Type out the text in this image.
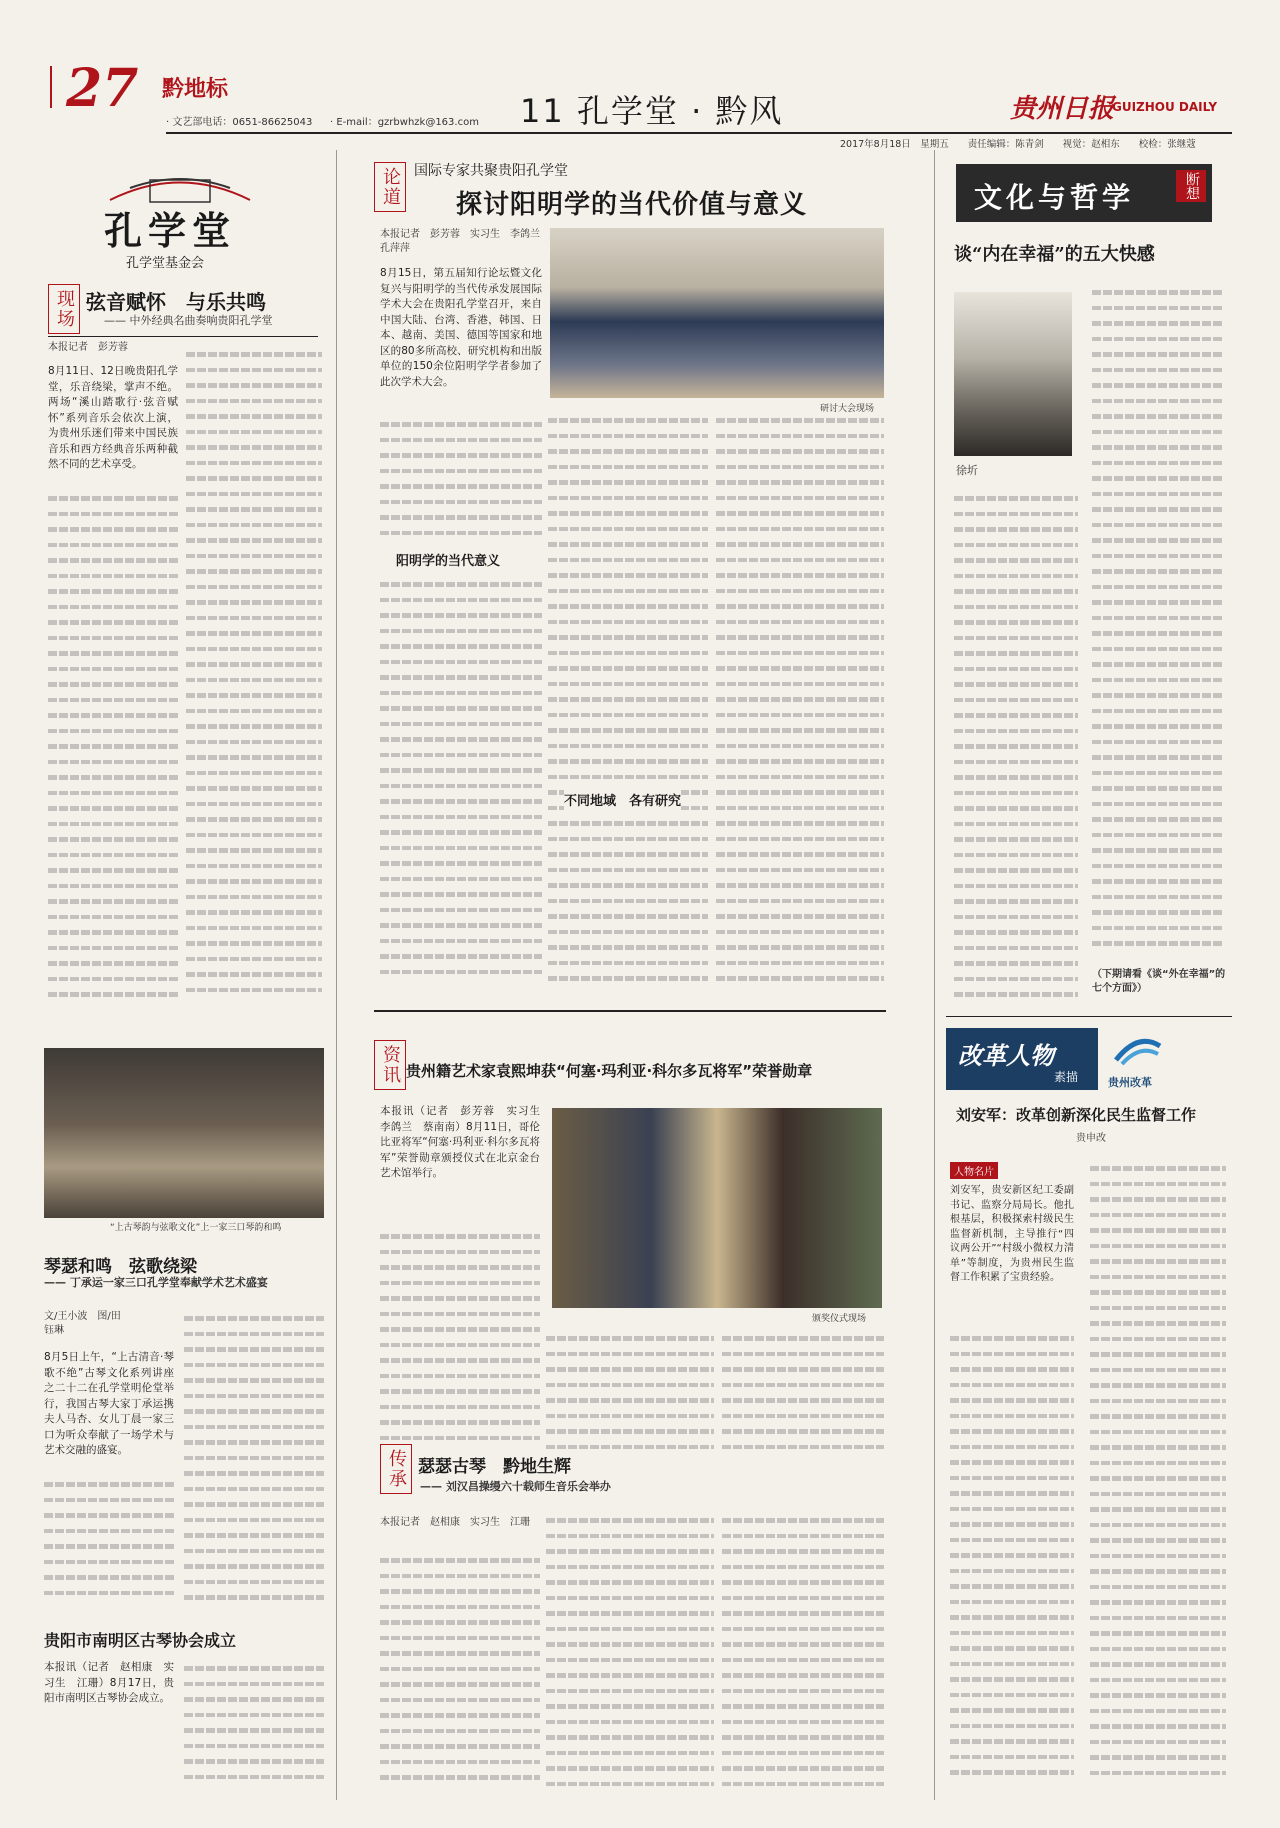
27 黔地标
· 文艺部电话：0651-86625043 · E-mail：gzrbwhzk@163.com 11 孔学堂 · 黔风	贵州日报
GUIZHOU DAILY
2017年8月18日　星期五　　责任编辑：陈青剑　　视觉：赵相东　　校检：张继蔻
孔学堂
孔学堂基金会
现场 弦音赋怀　与乐共鸣
—— 中外经典名曲奏响贵阳孔学堂
本报记者　彭芳蓉
8月11日、12日晚贵阳孔学堂，乐音绕梁，掌声不绝。两场“溪山踏歌行·弦音赋怀”系列音乐会依次上演，为贵州乐迷们带来中国民族音乐和西方经典音乐两种截然不同的艺术享受。
“上古琴韵与弦歌文化”上一家三口琴韵和鸣
琴瑟和鸣　弦歌绕梁
—— 丁承运一家三口孔学堂奉献学术艺术盛宴
文/王小波　图/田钰琳
8月5日上午，“上古清音·琴歌不绝”古琴文化系列讲座之二十二在孔学堂明伦堂举行，我国古琴大家丁承运携夫人马杏、女儿丁晨一家三口为听众奉献了一场学术与艺术交融的盛宴。
贵阳市南明区古琴协会成立
本报讯（记者　赵相康　实习生　江珊）8月17日，贵阳市南明区古琴协会成立。
论道 国际专家共聚贵阳孔学堂
探讨阳明学的当代价值与意义
本报记者　彭芳蓉　实习生　李鸽兰　孔萍萍
8月15日，第五届知行论坛暨文化复兴与阳明学的当代传承发展国际学术大会在贵阳孔学堂召开，来自中国大陆、台湾、香港，韩国、日本、越南、美国、德国等国家和地区的80多所高校、研究机构和出版单位的150余位阳明学学者参加了此次学术大会。
研讨大会现场
阳明学的当代意义
不同地域　各有研究
资讯 贵州籍艺术家袁熙坤获“何塞·玛利亚·科尔多瓦将军”荣誉勋章
本报讯（记者　彭芳蓉　实习生　李鸽兰　蔡南南）8月11日，哥伦比亚将军“何塞·玛利亚·科尔多瓦将军”荣誉勋章颁授仪式在北京金台艺术馆举行。
颁奖仪式现场
传承 瑟瑟古琴　黔地生辉
—— 刘汉昌操缦六十载师生音乐会举办
本报记者　赵相康　实习生　江珊
文化与哲学	断想
谈“内在幸福”的五大快感
徐圻
（下期请看《谈“外在幸福”的七个方面》）
改革人物
素描	贵州改革
刘安军：改革创新深化民生监督工作
贵申改
人物名片
刘安军，贵安新区纪工委副书记、监察分局局长。他扎根基层，积极探索村级民生监督新机制，主导推行“四议两公开”“村级小微权力清单”等制度，为贵州民生监督工作积累了宝贵经验。
